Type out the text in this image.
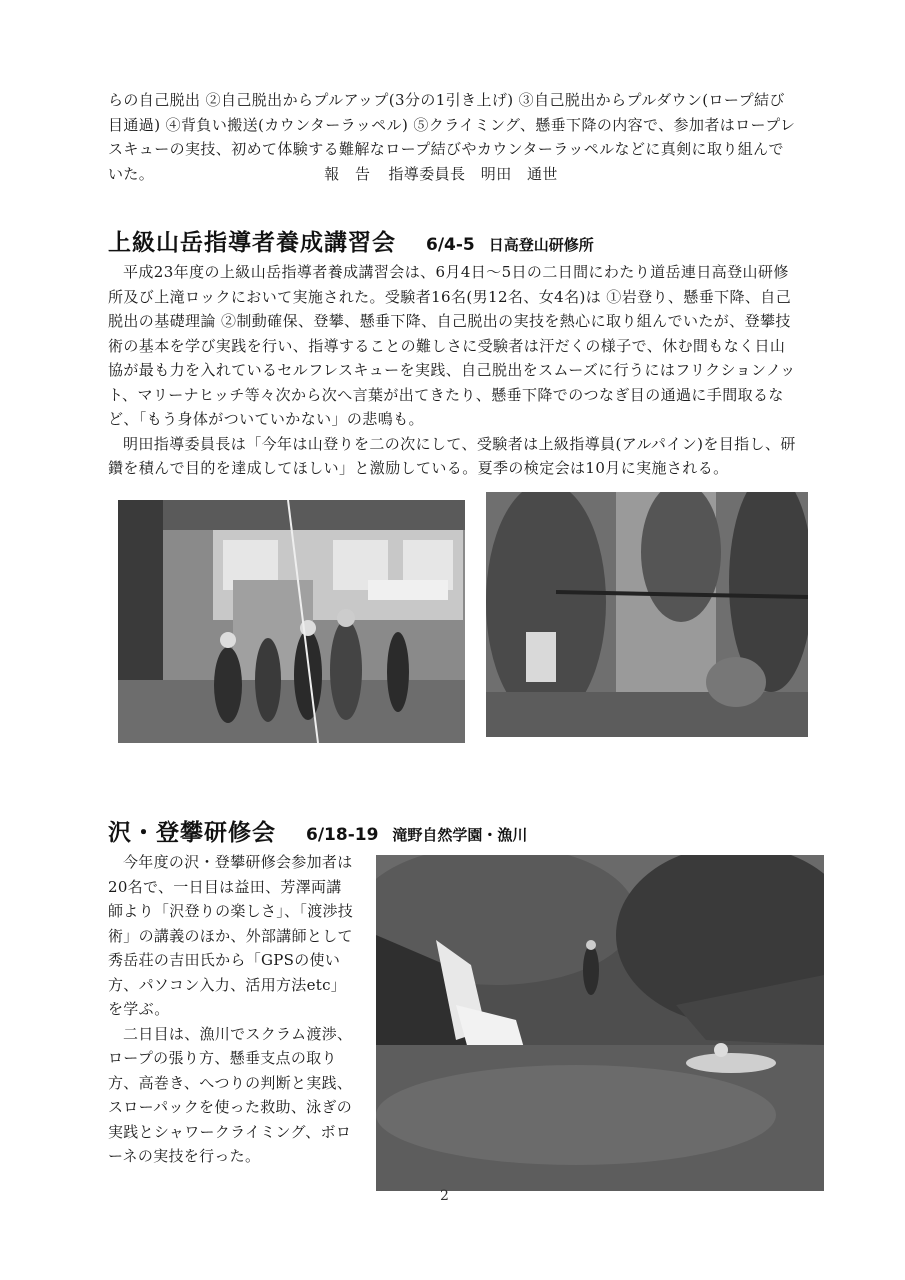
らの自己脱出 ②自己脱出からプルアップ(3分の1引き上げ) ③自己脱出からプルダウン(ロープ結び目通過) ④背負い搬送(カウンターラッペル) ⑤クライミング、懸垂下降の内容で、参加者はロープレスキューの実技、初めて体験する難解なロープ結びやカウンターラッペルなどに真剣に取り組んでいた。	報　告 指導委員長　明田　通世

上級山岳指導者養成講習会 6/4-5 日高登山研修所

平成23年度の上級山岳指導者養成講習会は、6月4日～5日の二日間にわたり道岳連日高登山研修所及び上滝ロックにおいて実施された。受験者16名(男12名、女4名)は ①岩登り、懸垂下降、自己脱出の基礎理論 ②制動確保、登攀、懸垂下降、自己脱出の実技を熱心に取り組んでいたが、登攀技術の基本を学び実践を行い、指導することの難しさに受験者は汗だくの様子で、休む間もなく日山協が最も力を入れているセルフレスキューを実践、自己脱出をスムーズに行うにはフリクションノット、マリーナヒッチ等々次から次へ言葉が出てきたり、懸垂下降でのつなぎ目の通過に手間取るなど、「もう身体がついていかない」の悲鳴も。

明田指導委員長は「今年は山登りを二の次にして、受験者は上級指導員(アルパイン)を目指し、研鑽を積んで目的を達成してほしい」と激励している。夏季の検定会は10月に実施される。

沢・登攀研修会 6/18-19 滝野自然学園・漁川

今年度の沢・登攀研修会参加者は20名で、一日目は益田、芳澤両講師より「沢登りの楽しさ」、「渡渉技術」の講義のほか、外部講師として秀岳荘の吉田氏から「GPSの使い方、パソコン入力、活用方法etc」を学ぶ。

二日目は、漁川でスクラム渡渉、ロープの張り方、懸垂支点の取り方、高巻き、へつりの判断と実践、スローパックを使った救助、泳ぎの実践とシャワークライミング、ボローネの実技を行った。

2
